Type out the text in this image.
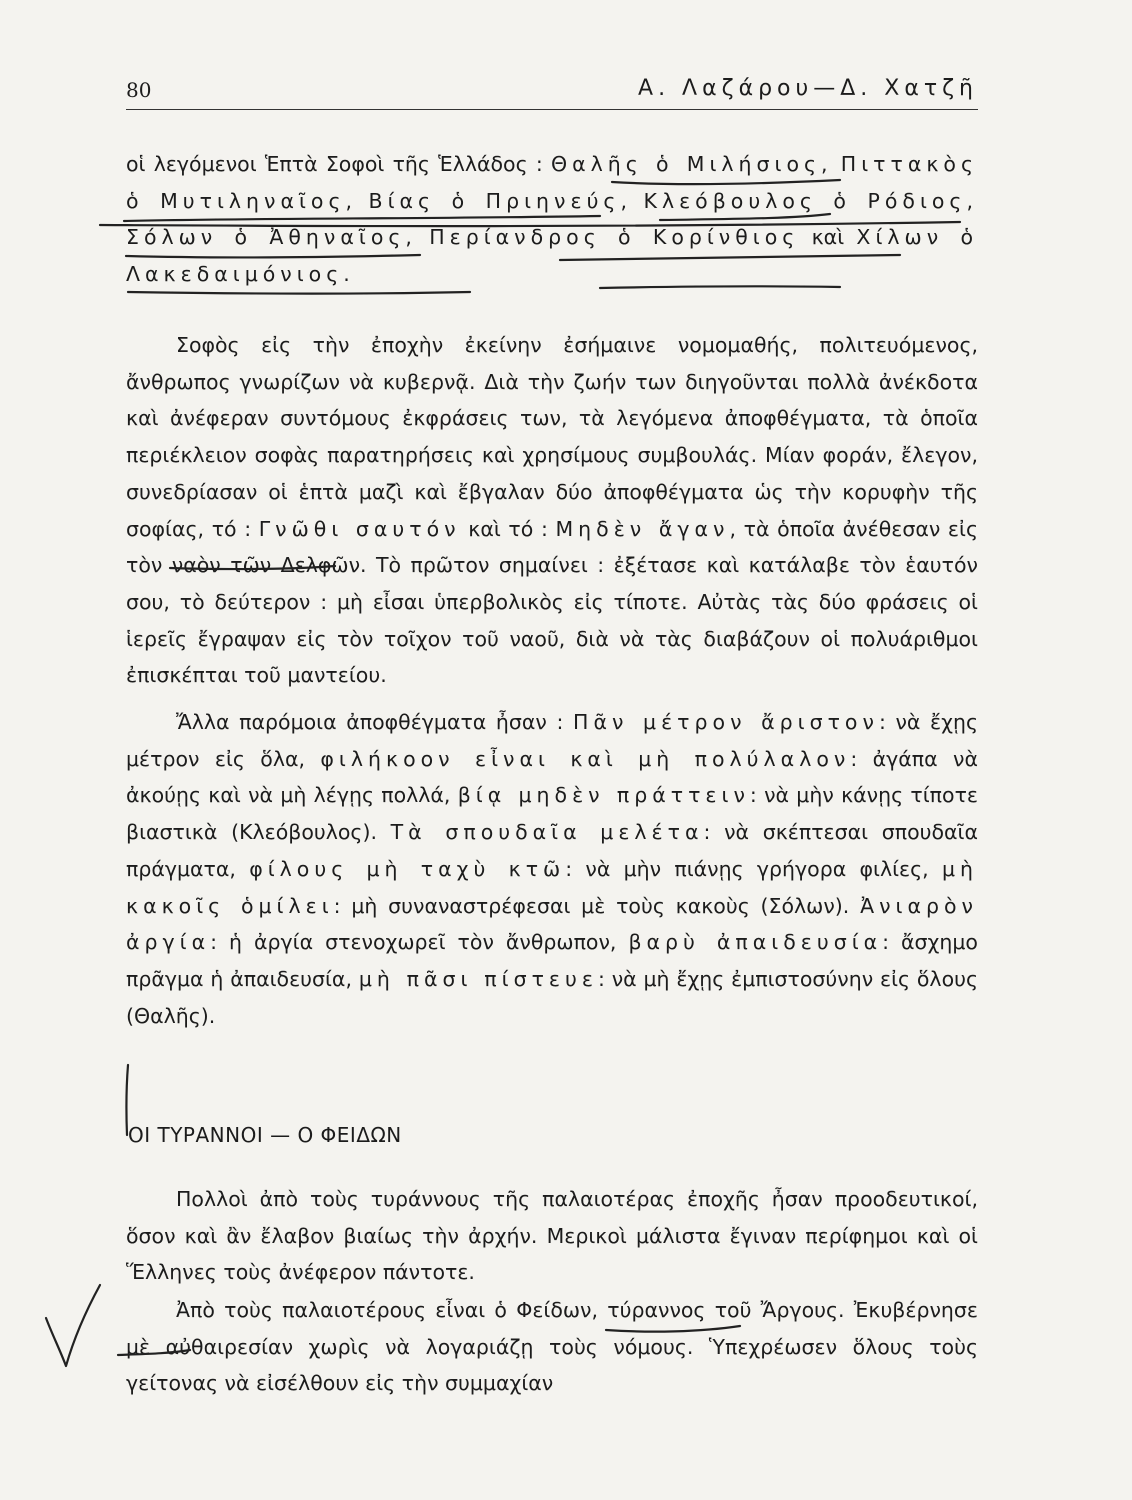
80	Α. Λαζάρου—Δ. Χατζῆ

οἱ λεγόμενοι Ἑπτὰ Σοφοὶ τῆς Ἑλλάδος : Θαλῆς ὁ Μιλήσιος, Πιττακὸς ὁ Μυτιληναῖος, Βίας ὁ Πριηνεύς, Κλεόβουλος ὁ Ρόδιος, Σόλων ὁ Ἀθηναῖος, Περίανδρος ὁ Κορίνθιος καὶ Χίλων ὁ Λακεδαιμόνιος.

Σοφὸς εἰς τὴν ἐποχὴν ἐκείνην ἐσήμαινε νομομαθής, πολιτευόμενος, ἄνθρωπος γνωρίζων νὰ κυβερνᾷ. Διὰ τὴν ζωήν των διηγοῦνται πολλὰ ἀνέκδοτα καὶ ἀνέφεραν συντόμους ἐκφράσεις των, τὰ λεγόμενα ἀποφθέγματα, τὰ ὁποῖα περιέκλειον σοφὰς παρατηρήσεις καὶ χρησίμους συμβουλάς. Μίαν φοράν, ἔλεγον, συνεδρίασαν οἱ ἑπτὰ μαζὶ καὶ ἔβγαλαν δύο ἀποφθέγματα ὡς τὴν κορυφὴν τῆς σοφίας, τό : Γνῶθι σαυτόν καὶ τό : Μηδὲν ἄγαν, τὰ ὁποῖα ἀνέθεσαν εἰς τὸν ναὸν τῶν Δελφῶν. Τὸ πρῶτον σημαίνει : ἐξέτασε καὶ κατάλαβε τὸν ἑαυτόν σου, τὸ δεύτερον : μὴ εἶσαι ὑπερβολικὸς εἰς τίποτε. Αὐτὰς τὰς δύο φράσεις οἱ ἱερεῖς ἔγραψαν εἰς τὸν τοῖχον τοῦ ναοῦ, διὰ νὰ τὰς διαβάζουν οἱ πολυάριθμοι ἐπισκέπται τοῦ μαντείου.

Ἄλλα παρόμοια ἀποφθέγματα ἦσαν : Πᾶν μέτρον ἄριστον: νὰ ἔχῃς μέτρον εἰς ὅλα, φιλήκοον εἶναι καὶ μὴ πολύλαλον: ἀγάπα νὰ ἀκούῃς καὶ νὰ μὴ λέγῃς πολλά, βίᾳ μηδὲν πράττειν: νὰ μὴν κάνῃς τίποτε βιαστικὰ (Κλεόβουλος). Τὰ σπουδαῖα μελέτα: νὰ σκέπτεσαι σπουδαῖα πράγματα, φίλους μὴ ταχὺ κτῶ: νὰ μὴν πιάνῃς γρήγορα φιλίες, μὴ κακοῖς ὁμίλει: μὴ συναναστρέφεσαι μὲ τοὺς κακοὺς (Σόλων). Ἀνιαρὸν ἀργία: ἡ ἀργία στενοχωρεῖ τὸν ἄνθρωπον, βαρὺ ἀπαιδευσία: ἄσχημο πρᾶγμα ἡ ἀπαιδευσία, μὴ πᾶσι πίστευε: νὰ μὴ ἔχῃς ἐμπιστοσύνην εἰς ὅλους (Θαλῆς).

ΟΙ ΤΥΡΑΝΝΟΙ — Ο ΦΕΙΔΩΝ

Πολλοὶ ἀπὸ τοὺς τυράννους τῆς παλαιοτέρας ἐποχῆς ἦσαν προοδευτικοί, ὅσον καὶ ἂν ἔλαβον βιαίως τὴν ἀρχήν. Μερικοὶ μάλιστα ἔγιναν περίφημοι καὶ οἱ Ἕλληνες τοὺς ἀνέφερον πάντοτε.

Ἀπὸ τοὺς παλαιοτέρους εἶναι ὁ Φείδων, τύραννος τοῦ Ἄργους. Ἐκυβέρνησε μὲ αὐθαιρεσίαν χωρὶς νὰ λογαριάζῃ τοὺς νόμους. Ὑπεχρέωσεν ὅλους τοὺς γείτονας νὰ εἰσέλθουν εἰς τὴν συμμαχίαν
